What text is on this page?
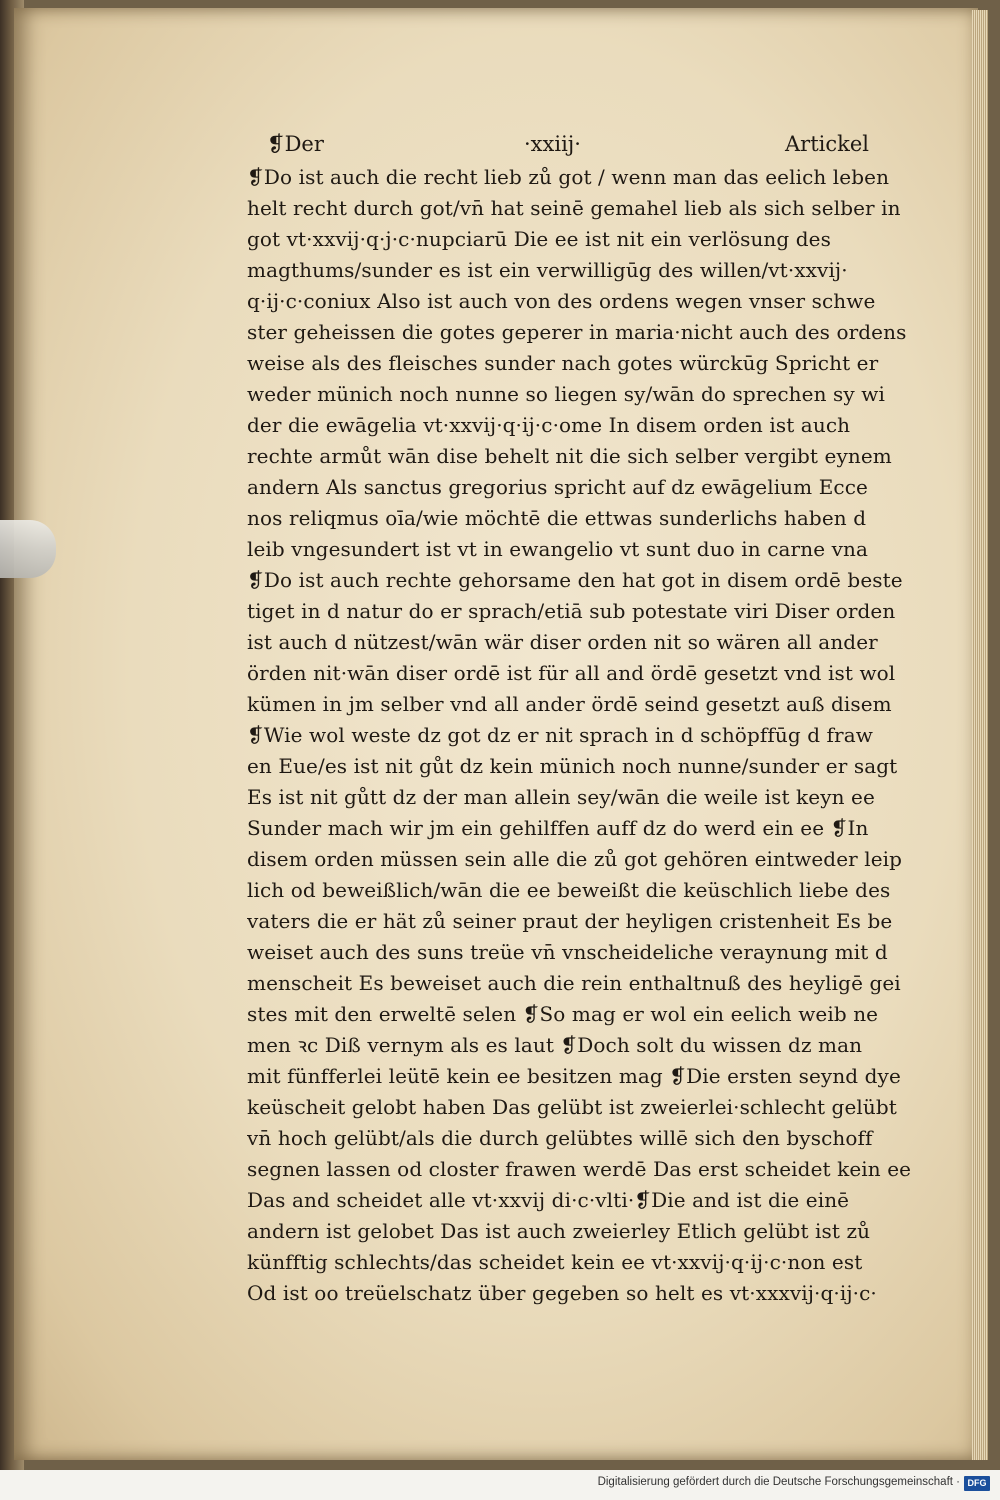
❡Der	·xxiij·	Artickel
❡Do ist auch die recht lieb zů got / wenn man das eelich leben
helt recht durch got/vn̄ hat seinē gemahel lieb als sich selber in
got vt·xxvij·q·j·c·nupciarū Die ee ist nit ein verlösung des
magthums/sunder es ist ein verwilligūg des willen/vt·xxvij·
q·ij·c·coniux Also ist auch von des ordens wegen vnser schwe
ster geheissen die gotes geperer in maria·nicht auch des ordens
weise als des fleisches sunder nach gotes würckūg Spricht er
weder münich noch nunne so liegen sy/wān do sprechen sy wi
der die ewāgelia vt·xxvij·q·ij·c·ome In disem orden ist auch
rechte armůt wān dise behelt nit die sich selber vergibt eynem
andern Als sanctus gregorius spricht auf dz ewāgelium Ecce
nos reliqmus oīa/wie möchtē die ettwas sunderlichs haben d
leib vngesundert ist vt in ewangelio vt sunt duo in carne vna
❡Do ist auch rechte gehorsame den hat got in disem ordē beste
tiget in d natur do er sprach/etiā sub potestate viri Diser orden
ist auch d nützest/wān wär diser orden nit so wären all ander
örden nit·wān diser ordē ist für all and ördē gesetzt vnd ist wol
kümen in jm selber vnd all ander ördē seind gesetzt auß disem
❡Wie wol weste dz got dz er nit sprach in d schöpffūg d fraw
en Eue/es ist nit gůt dz kein münich noch nunne/sunder er sagt
Es ist nit gůtt dz der man allein sey/wān die weile ist keyn ee
Sunder mach wir jm ein gehilffen auff dz do werd ein ee ❡In
disem orden müssen sein alle die zů got gehören eintweder leip
lich od beweißlich/wān die ee beweißt die keüschlich liebe des
vaters die er hät zů seiner praut der heyligen cristenheit Es be
weiset auch des suns treüe vn̄ vnscheideliche veraynung mit d
menscheit Es beweiset auch die rein enthaltnuß des heyligē gei
stes mit den erweltē selen ❡So mag er wol ein eelich weib ne
men ꝛc Diß vernym als es laut ❡Doch solt du wissen dz man
mit fünfferlei leütē kein ee besitzen mag ❡Die ersten seynd dye
keüscheit gelobt haben Das gelübt ist zweierlei·schlecht gelübt
vn̄ hoch gelübt/als die durch gelübtes willē sich den byschoff
segnen lassen od closter frawen werdē Das erst scheidet kein ee
Das and scheidet alle vt·xxvij di·c·vlti·❡Die and ist die einē
andern ist gelobet Das ist auch zweierley Etlich gelübt ist zů
künfftig schlechts/das scheidet kein ee vt·xxvij·q·ij·c·non est
Od ist oo treüelschatz über gegeben so helt es vt·xxxvij·q·ij·c·
Digitalisierung gefördert durch die Deutsche Forschungsgemeinschaft · DFG
